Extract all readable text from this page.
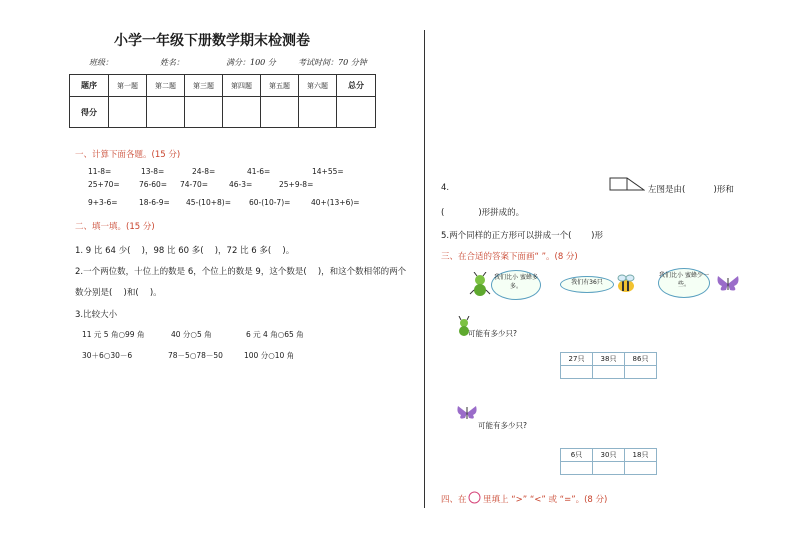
小学一年级下册数学期末检测卷
班级：	姓名：	满分：100 分	考试时间：70 分钟
题序	第一题	第二题	第三题	第四题	第五题	第六题	总分
得分							
一、计算下面各题。(15 分)
11-8=	13-8=	24-8=	41-6=	14+55=
25+70=	76-60= 74-70=	46-3=	25+9-8=
9+3-6=	18-6-9= 45-(10+8)= 60-(10-7)=	40+(13+6)=
二、填一填。(15 分)
1. 9 比 64 少(　 )，98 比 60 多(　 )，72 比 6 多(　 )。
2.一个两位数，十位上的数是 6，个位上的数是 9，这个数是(　 )，和这个数相邻的两个
数分别是(　 )和(　 )。
3.比较大小
11 元 5 角○99 角	40 分○5 角	6 元 4 角○65 角
30＋6○30－6	78－5○78－50	100 分○10 角
4.	左图是由(　　　 )形和
(　　　　)形拼成的。
5.两个同样的正方形可以拼成一个(　　 )形
三、在合适的答案下面画“ ”。(8 分)
我们比小 蜜蜂多多。
我们有36只
我们比小 蜜蜂少一些。
可能有多少只?
27只	38只	86只

可能有多少只?
6只	30只	18只

四、在 里填上 “>” “<” 或 “=”。(8 分)
